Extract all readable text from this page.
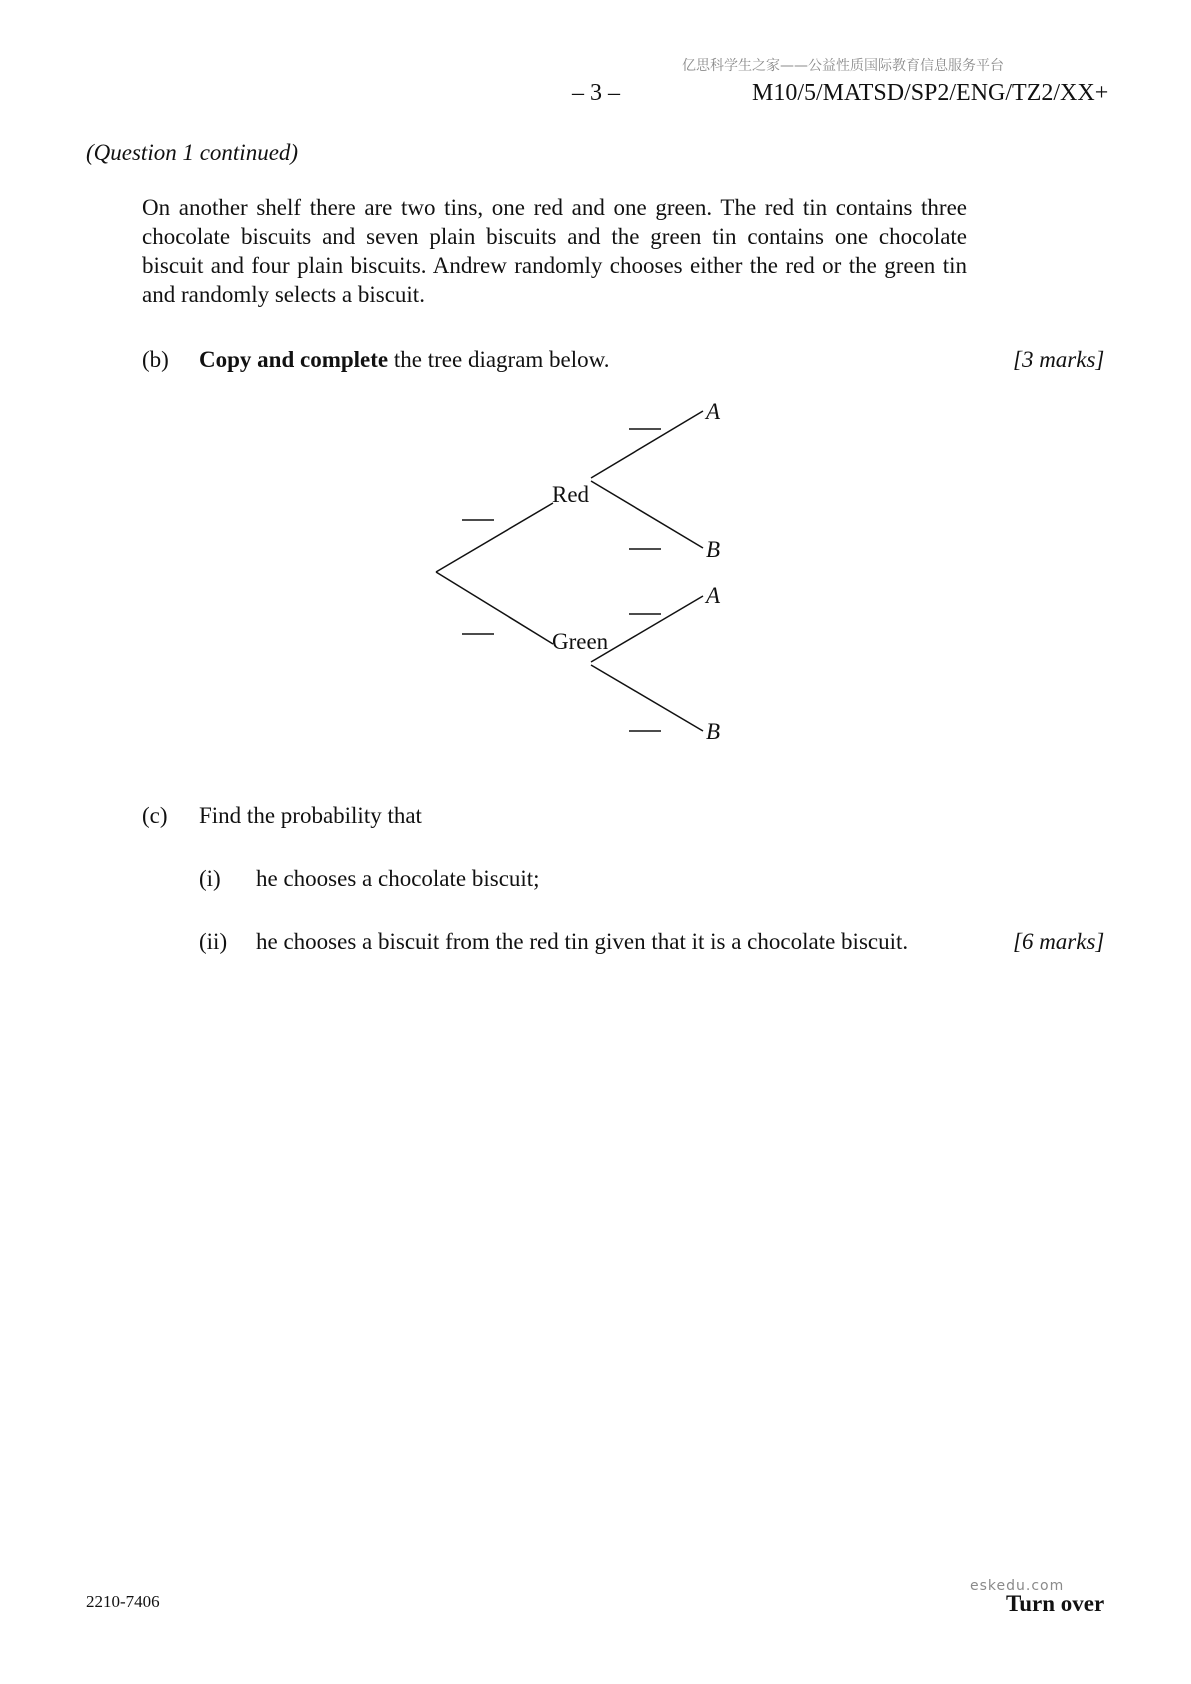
亿思科学生之家——公益性质国际教育信息服务平台
– 3 –	M10/5/MATSD/SP2/ENG/TZ2/XX+
(Question 1 continued)
On another shelf there are two tins, one red and one green. The red tin contains three chocolate biscuits and seven plain biscuits and the green tin contains one chocolate biscuit and four plain biscuits. Andrew randomly chooses either the red or the green tin and randomly selects a biscuit.
(b) Copy and complete the tree diagram below.	[3 marks]
Red
Green
A
B
A
B
(c) Find the probability that
(i) he chooses a chocolate biscuit;
(ii) he chooses a biscuit from the red tin given that it is a chocolate biscuit.	[6 marks]
2210-7406
eskedu.com
Turn over
